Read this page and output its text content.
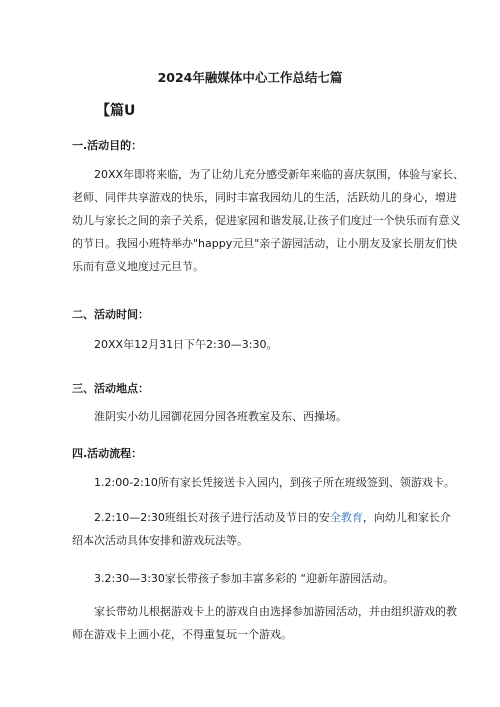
2024年融媒体中心工作总结七篇
【篇U
一.活动目的：
20XX年即将来临，为了让幼儿充分感受新年来临的喜庆氛围，体验与家长、
老师、同伴共享游戏的快乐，同时丰富我园幼儿的生活，活跃幼儿的身心，增进
幼儿与家长之间的亲子关系，促进家园和谐发展,让孩子们度过一个快乐而有意义
的节日。我园小班特举办"happy元旦"亲子游园活动，让小朋友及家长朋友们快
乐而有意义地度过元旦节。
二、活动时间：
20XX年12月31日下午2:30—3:30。
三、活动地点：
淮阴实小幼儿园御花园分园各班教室及东、西操场。
四.活动流程：
1.2:00-2:10所有家长凭接送卡入园内，到孩子所在班级签到、领游戏卡。
2.2:10—2:30班组长对孩子进行活动及节日的安全教育，向幼儿和家长介
绍本次活动具体安排和游戏玩法等。
3.2:30—3:30家长带孩子参加丰富多彩的 “迎新年游园活动。
家长带幼儿根据游戏卡上的游戏自由选择参加游园活动，并由组织游戏的教
师在游戏卡上画小花，不得重复玩一个游戏。
